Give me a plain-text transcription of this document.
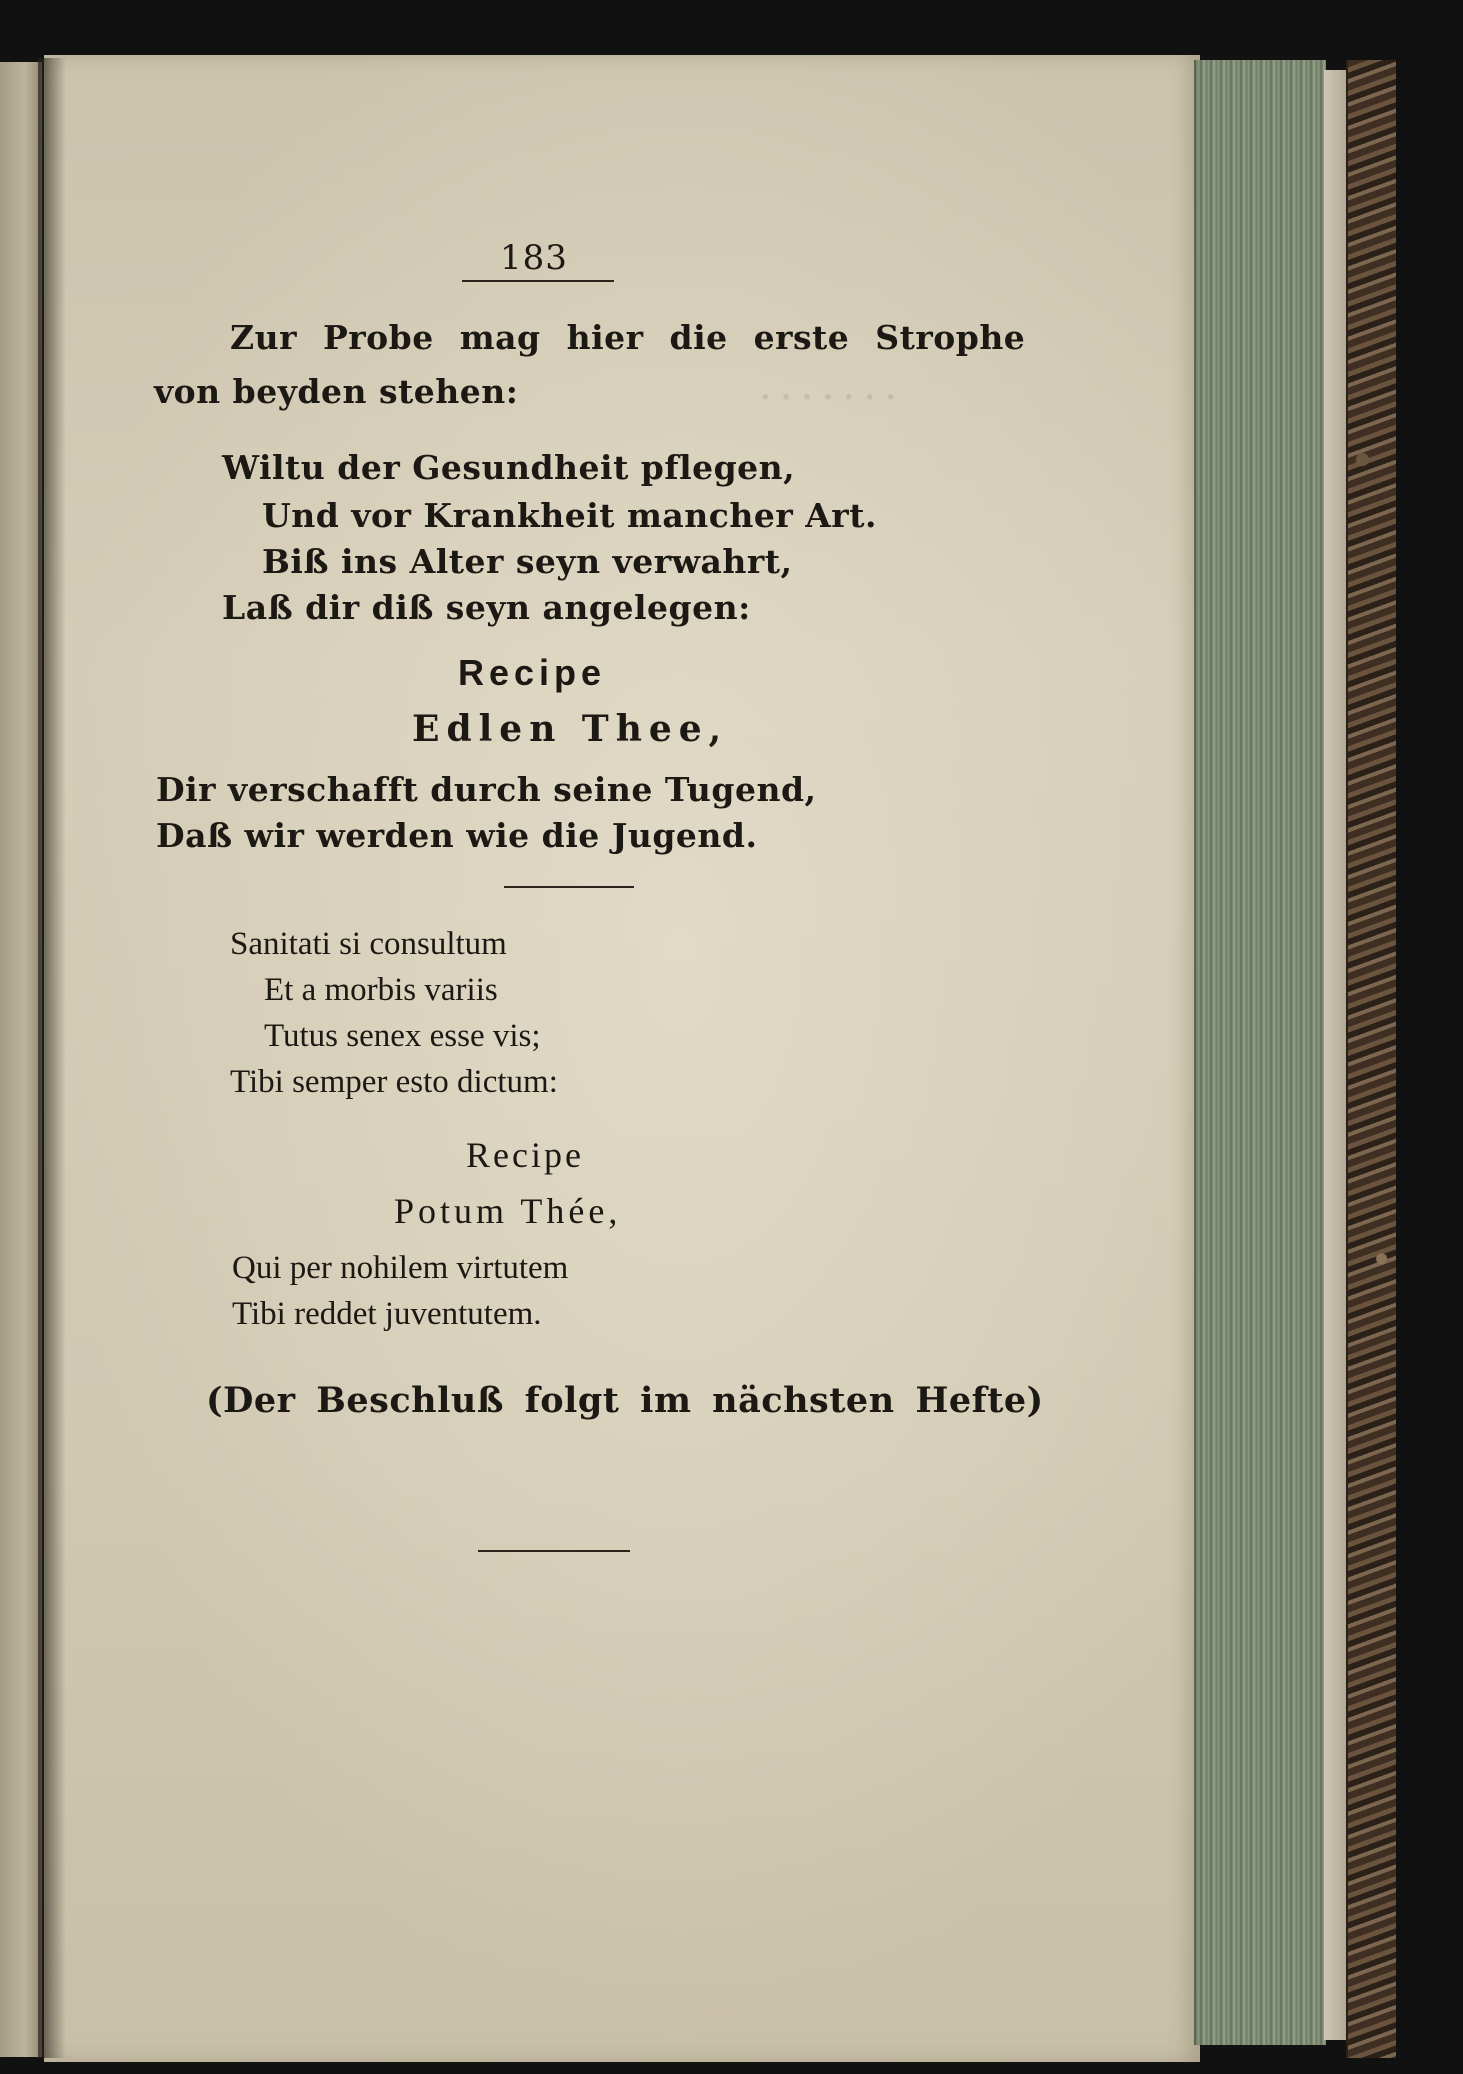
· · · · · · ·
183
Zur Probe mag hier die erste Strophe
von beyden stehen:
Wiltu der Gesundheit pflegen,
Und vor Krankheit mancher Art.
Biß ins Alter seyn verwahrt,
Laß dir diß seyn angelegen:
Recipe
Edlen Thee,
Dir verschafft durch seine Tugend,
Daß wir werden wie die Jugend.
Sanitati si consultum
Et a morbis variis
Tutus senex esse vis;
Tibi semper esto dictum:
Recipe
Potum Thée,
Qui per nohilem virtutem
Tibi reddet juventutem.
(Der Beschluß folgt im nächsten Hefte)
